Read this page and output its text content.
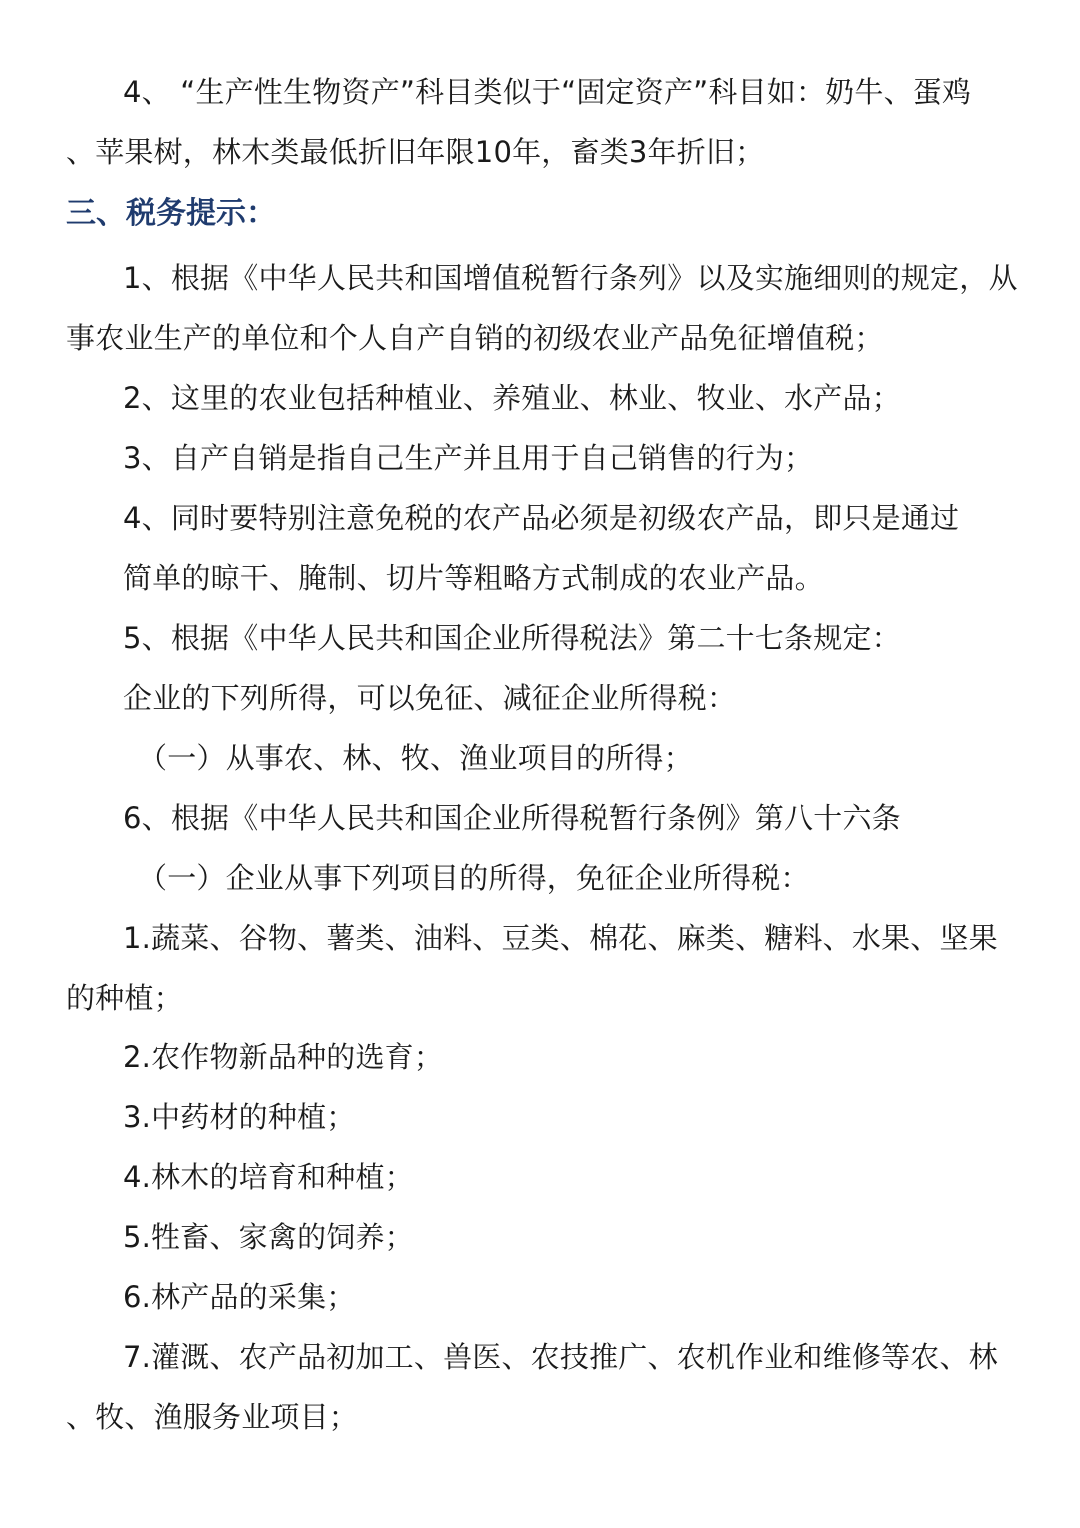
4、 “生产性生物资产”科目类似于“固定资产”科目如：奶牛、蛋鸡
、苹果树，林木类最低折旧年限10年，畜类3年折旧；
三、税务提示：
1、根据《中华人民共和国增值税暂行条列》以及实施细则的规定，从
事农业生产的单位和个人自产自销的初级农业产品免征增值税；
2、这里的农业包括种植业、养殖业、林业、牧业、水产品；
3、自产自销是指自己生产并且用于自己销售的行为；
4、同时要特别注意免税的农产品必须是初级农产品，即只是通过
简单的晾干、腌制、切片等粗略方式制成的农业产品。
5、根据《中华人民共和国企业所得税法》第二十七条规定：
企业的下列所得，可以免征、减征企业所得税：
（一）从事农、林、牧、渔业项目的所得；
6、根据《中华人民共和国企业所得税暂行条例》第八十六条
（一）企业从事下列项目的所得，免征企业所得税：
1.蔬菜、谷物、薯类、油料、豆类、棉花、麻类、糖料、水果、坚果
的种植；
2.农作物新品种的选育；
3.中药材的种植；
4.林木的培育和种植；
5.牲畜、家禽的饲养；
6.林产品的采集；
7.灌溉、农产品初加工、兽医、农技推广、农机作业和维修等农、林
、牧、渔服务业项目；
